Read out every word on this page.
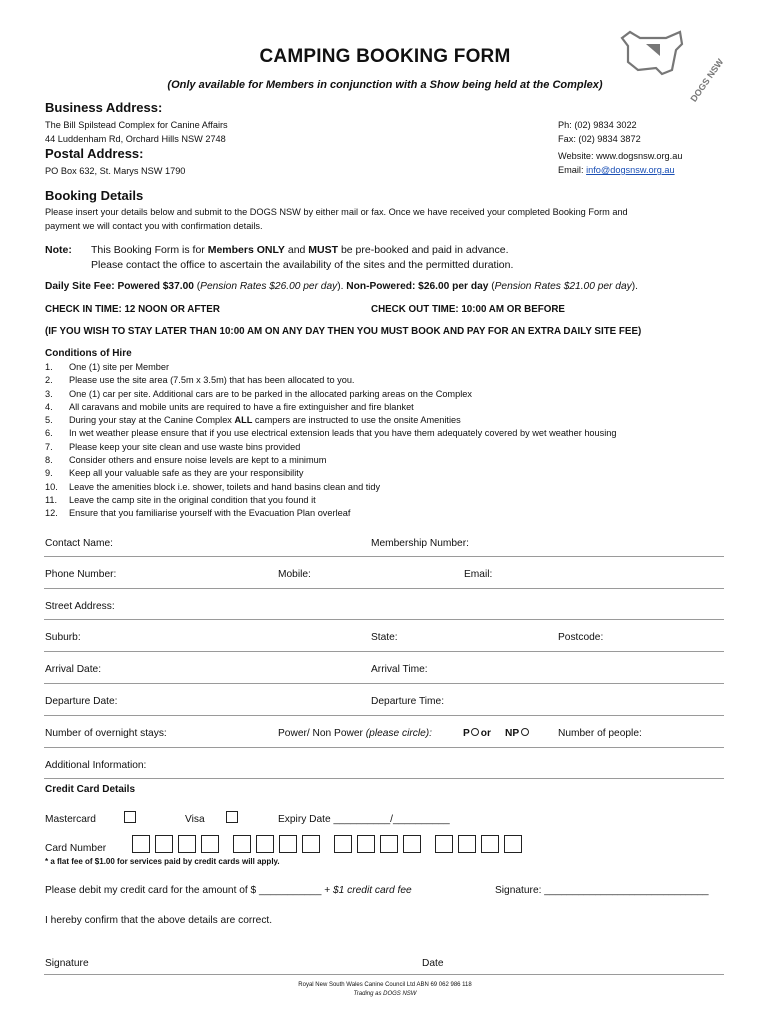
CAMPING BOOKING FORM
(Only available for Members in conjunction with a Show being held at the Complex)	DOGS NSW
Business Address:
The Bill Spilstead Complex for Canine Affairs
44 Luddenham Rd, Orchard Hills NSW 2748
Ph: (02) 9834 3022
Fax: (02) 9834 3872
Website: www.dogsnsw.org.au
Email: info@dogsnsw.org.au
Postal Address:
PO Box 632, St. Marys NSW 1790
Booking Details
Please insert your details below and submit to the DOGS NSW by either mail or fax. Once we have received your completed Booking Form and
payment we will contact you with confirmation details.
Note: This Booking Form is for Members ONLY and MUST be pre-booked and paid in advance.
Please contact the office to ascertain the availability of the sites and the permitted duration.
Daily Site Fee: Powered $37.00 (Pension Rates $26.00 per day). Non-Powered: $26.00 per day (Pension Rates $21.00 per day).
CHECK IN TIME: 12 NOON OR AFTER	CHECK OUT TIME: 10:00 AM OR BEFORE
(IF YOU WISH TO STAY LATER THAN 10:00 AM ON ANY DAY THEN YOU MUST BOOK AND PAY FOR AN EXTRA DAILY SITE FEE)
Conditions of Hire
1. One (1) site per Member
2. Please use the site area (7.5m x 3.5m) that has been allocated to you.
3. One (1) car per site. Additional cars are to be parked in the allocated parking areas on the Complex
4. All caravans and mobile units are required to have a fire extinguisher and fire blanket
5. During your stay at the Canine Complex ALL campers are instructed to use the onsite Amenities
6. In wet weather please ensure that if you use electrical extension leads that you have them adequately covered by wet weather housing
7. Please keep your site clean and use waste bins provided
8. Consider others and ensure noise levels are kept to a minimum
9. Keep all your valuable safe as they are your responsibility
10. Leave the amenities block i.e. shower, toilets and hand basins clean and tidy
11. Leave the camp site in the original condition that you found it
12. Ensure that you familiarise yourself with the Evacuation Plan overleaf
Contact Name:	Membership Number:
Phone Number:	Mobile:	Email:
Street Address:
Suburb:	State:	Postcode:
Arrival Date:	Arrival Time:
Departure Date:	Departure Time:
Number of overnight stays:	Power/ Non Power (please circle):	P or NP	Number of people:
Additional Information:
Credit Card Details
Mastercard	Visa	Expiry Date __________/__________
Card Number
* a flat fee of $1.00 for services paid by credit cards will apply.
Please debit my credit card for the amount of $ ___________ + $1 credit card fee	Signature: _____________________________
I hereby confirm that the above details are correct.
Signature	Date
Royal New South Wales Canine Council Ltd ABN 69 062 986 118
Trading as DOGS NSW
